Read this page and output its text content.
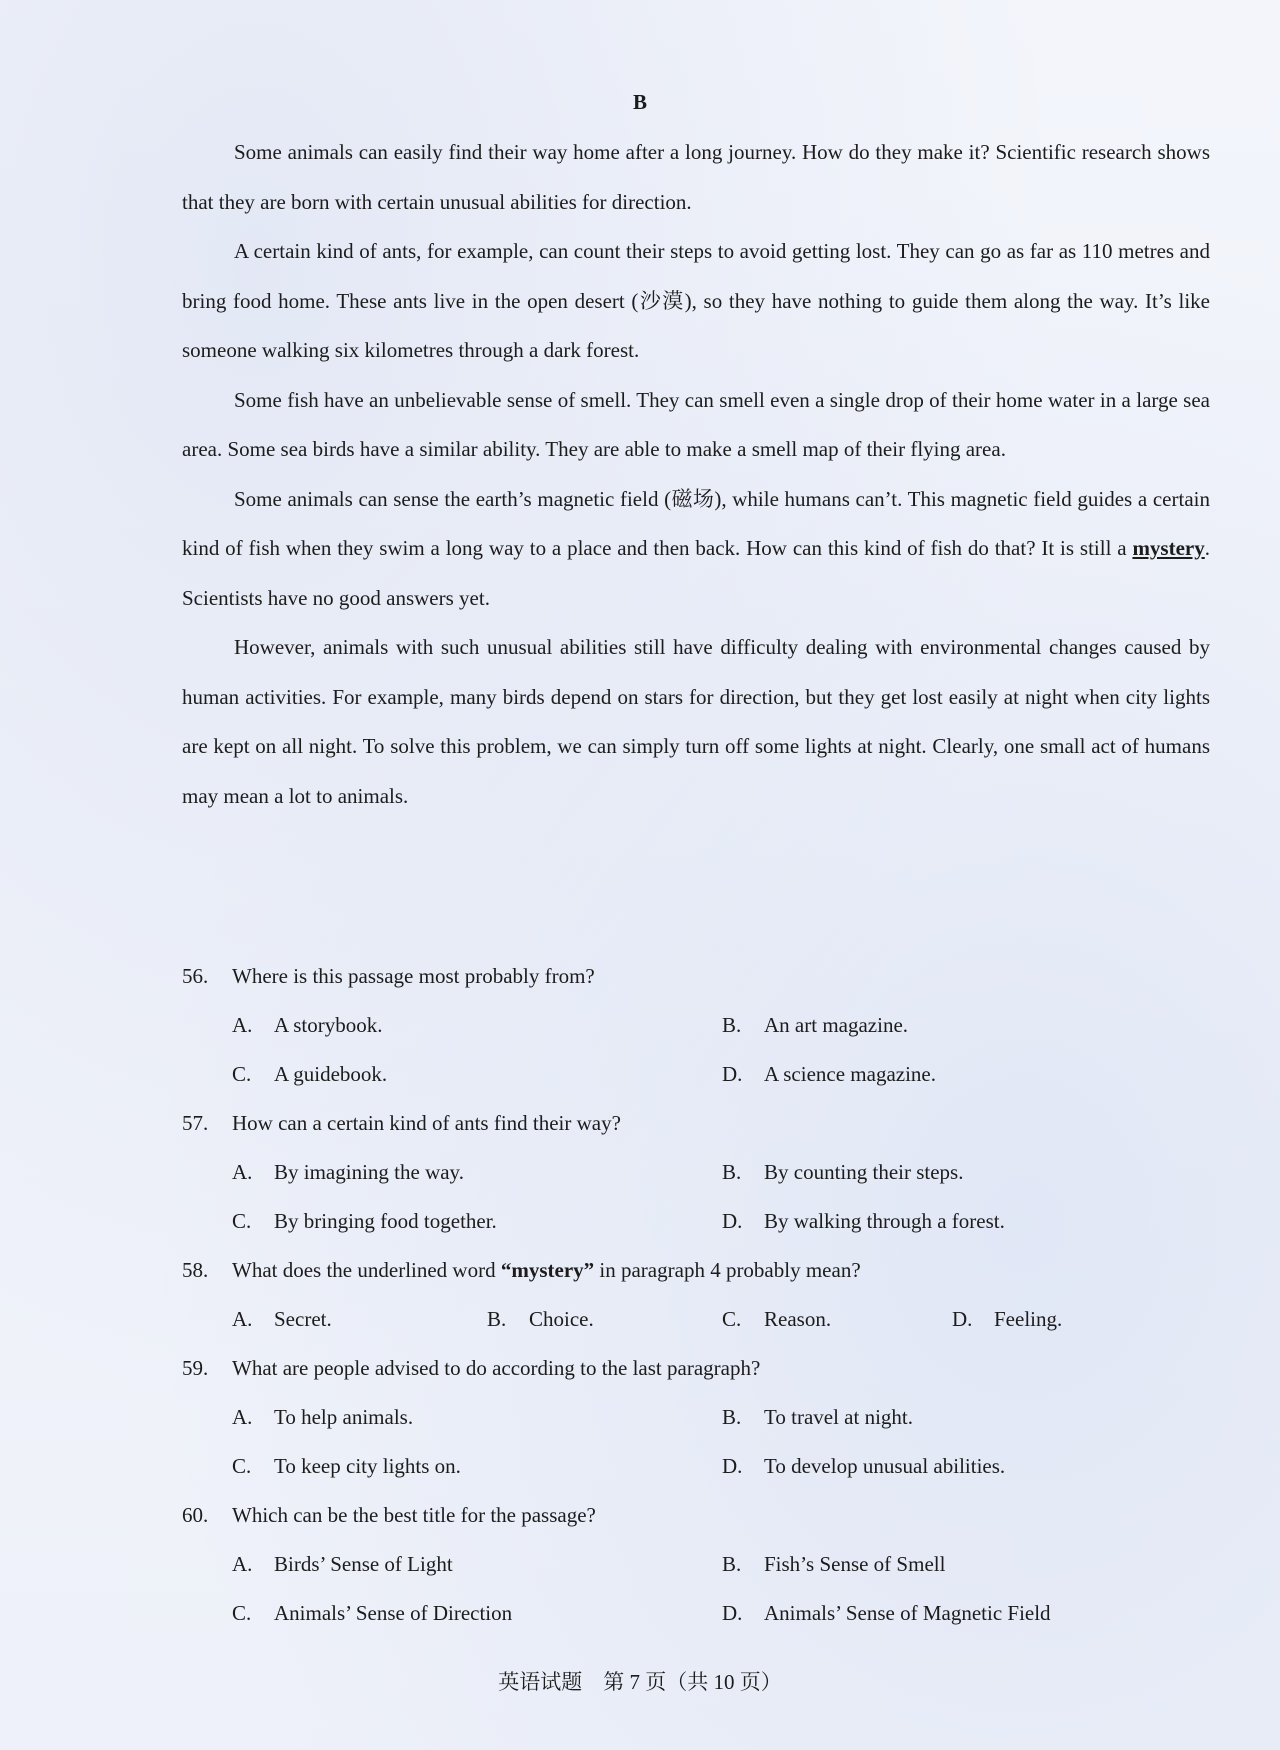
B

Some animals can easily find their way home after a long journey. How do they make it? Scientific research shows that they are born with certain unusual abilities for direction.

A certain kind of ants, for example, can count their steps to avoid getting lost. They can go as far as 110 metres and bring food home. These ants live in the open desert (沙漠), so they have nothing to guide them along the way. It’s like someone walking six kilometres through a dark forest.

Some fish have an unbelievable sense of smell. They can smell even a single drop of their home water in a large sea area. Some sea birds have a similar ability. They are able to make a smell map of their flying area.

Some animals can sense the earth’s magnetic field (磁场), while humans can’t. This magnetic field guides a certain kind of fish when they swim a long way to a place and then back. How can this kind of fish do that? It is still a mystery. Scientists have no good answers yet.

However, animals with such unusual abilities still have difficulty dealing with environmental changes caused by human activities. For example, many birds depend on stars for direction, but they get lost easily at night when city lights are kept on all night. To solve this problem, we can simply turn off some lights at night. Clearly, one small act of humans may mean a lot to animals.

56. Where is this passage most probably from?
A. A storybook.	B. An art magazine.
C. A guidebook.	D. A science magazine.
57. How can a certain kind of ants find their way?
A. By imagining the way.	B. By counting their steps.
C. By bringing food together.	D. By walking through a forest.
58. What does the underlined word “mystery” in paragraph 4 probably mean?
A. Secret.	B. Choice.	C. Reason.	D. Feeling.
59. What are people advised to do according to the last paragraph?
A. To help animals.	B. To travel at night.
C. To keep city lights on.	D. To develop unusual abilities.
60. Which can be the best title for the passage?
A. Birds’ Sense of Light	B. Fish’s Sense of Smell
C. Animals’ Sense of Direction	D. Animals’ Sense of Magnetic Field
英语试题　第 7 页（共 10 页）
